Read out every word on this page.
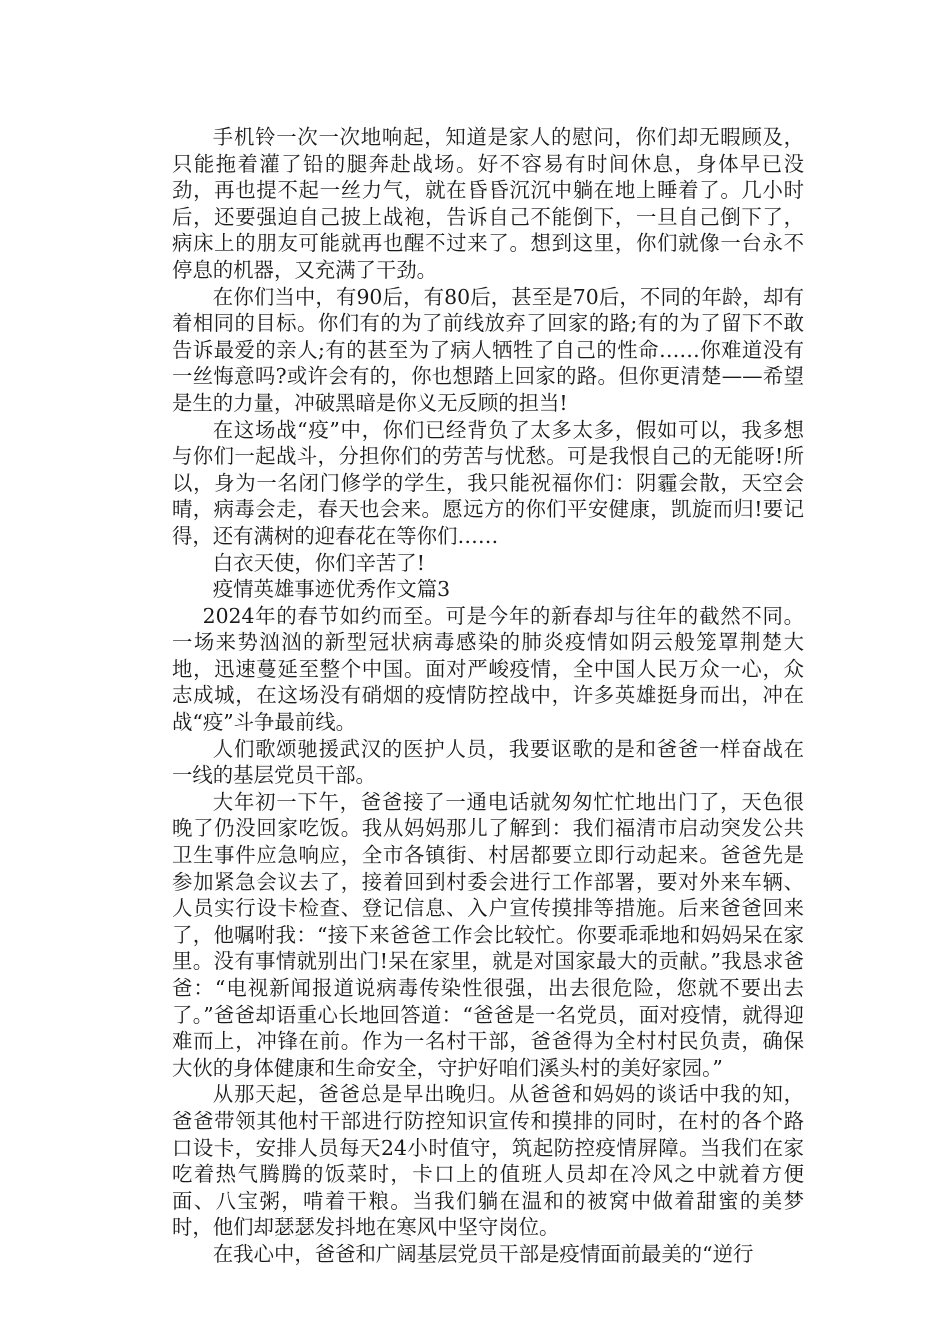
手机铃一次一次地响起，知道是家人的慰问，你们却无暇顾及，只能拖着灌了铅的腿奔赴战场。好不容易有时间休息，身体早已没劲，再也提不起一丝力气，就在昏昏沉沉中躺在地上睡着了。几小时后，还要强迫自己披上战袍，告诉自己不能倒下，一旦自己倒下了，病床上的朋友可能就再也醒不过来了。想到这里，你们就像一台永不停息的机器，又充满了干劲。

在你们当中，有90后，有80后，甚至是70后，不同的年龄，却有着相同的目标。你们有的为了前线放弃了回家的路;有的为了留下不敢告诉最爱的亲人;有的甚至为了病人牺牲了自己的性命……你难道没有一丝悔意吗?或许会有的，你也想踏上回家的路。但你更清楚——希望是生的力量，冲破黑暗是你义无反顾的担当!

在这场战“疫”中，你们已经背负了太多太多，假如可以，我多想与你们一起战斗，分担你们的劳苦与忧愁。可是我恨自己的无能呀!所以，身为一名闭门修学的学生，我只能祝福你们：阴霾会散，天空会晴，病毒会走，春天也会来。愿远方的你们平安健康，凯旋而归!要记得，还有满树的迎春花在等你们……

白衣天使，你们辛苦了!

疫情英雄事迹优秀作文篇3

2024年的春节如约而至。可是今年的新春却与往年的截然不同。一场来势汹汹的新型冠状病毒感染的肺炎疫情如阴云般笼罩荆楚大地，迅速蔓延至整个中国。面对严峻疫情，全中国人民万众一心，众志成城，在这场没有硝烟的疫情防控战中，许多英雄挺身而出，冲在战“疫”斗争最前线。

人们歌颂驰援武汉的医护人员，我要讴歌的是和爸爸一样奋战在一线的基层党员干部。

大年初一下午，爸爸接了一通电话就匆匆忙忙地出门了，天色很晚了仍没回家吃饭。我从妈妈那儿了解到：我们福清市启动突发公共卫生事件应急响应，全市各镇街、村居都要立即行动起来。爸爸先是参加紧急会议去了，接着回到村委会进行工作部署，要对外来车辆、人员实行设卡检查、登记信息、入户宣传摸排等措施。后来爸爸回来了，他嘱咐我：“接下来爸爸工作会比较忙。你要乖乖地和妈妈呆在家里。没有事情就别出门!呆在家里，就是对国家最大的贡献。”我恳求爸爸：“电视新闻报道说病毒传染性很强，出去很危险，您就不要出去了。”爸爸却语重心长地回答道：“爸爸是一名党员，面对疫情，就得迎难而上，冲锋在前。作为一名村干部，爸爸得为全村村民负责，确保大伙的身体健康和生命安全，守护好咱们溪头村的美好家园。”

从那天起，爸爸总是早出晚归。从爸爸和妈妈的谈话中我的知，爸爸带领其他村干部进行防控知识宣传和摸排的同时，在村的各个路口设卡，安排人员每天24小时值守，筑起防控疫情屏障。当我们在家吃着热气腾腾的饭菜时，卡口上的值班人员却在冷风之中就着方便面、八宝粥，啃着干粮。当我们躺在温和的被窝中做着甜蜜的美梦时，他们却瑟瑟发抖地在寒风中坚守岗位。

在我心中，爸爸和广阔基层党员干部是疫情面前最美的“逆行
